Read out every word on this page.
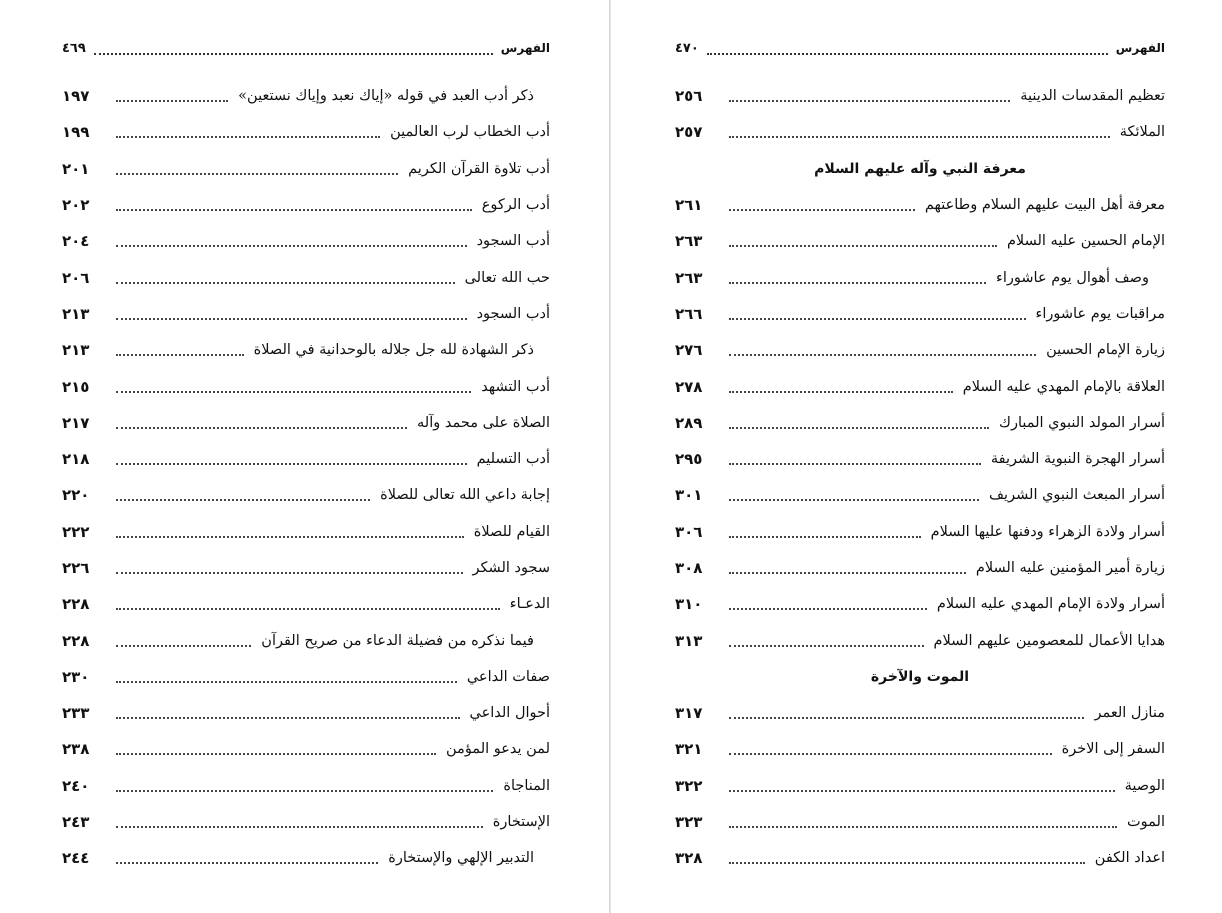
الفهرس
٤٦٩
ذكر أدب العبد في قوله «إياك نعبد وإياك نستعين»
١٩٧
أدب الخطاب لرب العالمين
١٩٩
أدب تلاوة القرآن الكريم
٢٠١
أدب الركوع
٢٠٢
أدب السجود
٢٠٤
حب الله تعالى
٢٠٦
أدب السجود
٢١٣
ذكر الشهادة لله جل جلاله بالوحدانية في الصلاة
٢١٣
أدب التشهد
٢١٥
الصلاة على محمد وآله
٢١٧
أدب التسليم
٢١٨
إجابة داعي الله تعالى للصلاة
٢٢٠
القيام للصلاة
٢٢٢
سجود الشكر
٢٢٦
الدعـاء
٢٢٨
فيما نذكره من فضيلة الدعاء من صريح القرآن
٢٢٨
صفات الداعي
٢٣٠
أحوال الداعي
٢٣٣
لمن يدعو المؤمن
٢٣٨
المناجاة
٢٤٠
الإستخارة
٢٤٣
التدبير الإلهي والإستخارة
٢٤٤
الفهرس
٤٧٠
تعظيم المقدسات الدينية
٢٥٦
الملائكة
٢٥٧
معرفة النبي وآله عليهم السلام
معرفة أهل البيت عليهم السلام وطاعتهم
٢٦١
الإمام الحسين عليه السلام
٢٦٣
وصف أهوال يوم عاشوراء
٢٦٣
مراقبات يوم عاشوراء
٢٦٦
زيارة الإمام الحسين
٢٧٦
العلاقة بالإمام المهدي عليه السلام
٢٧٨
أسرار المولد النبوي المبارك
٢٨٩
أسرار الهجرة النبوية الشريفة
٢٩٥
أسرار المبعث النبوي الشريف
٣٠١
أسرار ولادة الزهراء ودفنها عليها السلام
٣٠٦
زيارة أمير المؤمنين عليه السلام
٣٠٨
أسرار ولادة الإمام المهدي عليه السلام
٣١٠
هدايا الأعمال للمعصومين عليهم السلام
٣١٣
الموت والآخرة
منازل العمر
٣١٧
السفر إلى الاخرة
٣٢١
الوصية
٣٢٢
الموت
٣٢٣
اعداد الكفن
٣٢٨
